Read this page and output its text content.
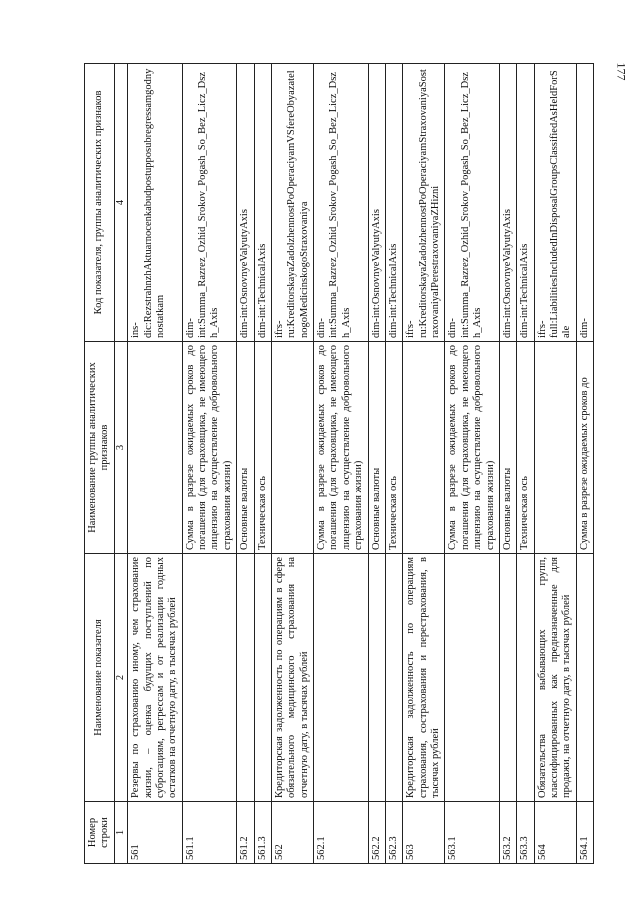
177
Номер строки	Наименование показателя	Наименование группы аналитических признаков	Код показателя, группы аналитических признаков
1	2	3	4
561	Резервы по страхованию иному, чем страхование жизни, – оценка будущих поступлений по суброгациям, регрессам и от реализации годных остатков на отчетную дату, в тысячах рублей		ins-dic:RezstrahnzhAktuarnocenkabudpostupposubregressamgodnynostatkam
561.1		Сумма в разрезе ожидаемых сроков до погашения (для страховщика, не имеющего лицензию на осуществление добровольного страхования жизни)	dim-int:Summa_Razrez_Ozhid_Srokov_Pogash_So_Bez_Licz_Dszh_Axis
561.2		Основные валюты	dim-int:OsnovnyeValyutyAxis
561.3		Техническая ось	dim-int:TechnicalAxis
562	Кредиторская задолженность по операциям в сфере обязательного медицинского страхования на отчетную дату, в тысячах рублей		ifrs-ru:KreditorskayaZadolzhennostPoOperaciyamVSfereObyazatelnogoMedicinskogoStraxovaniya
562.1		Сумма в разрезе ожидаемых сроков до погашения (для страховщика, не имеющего лицензию на осуществление добровольного страхования жизни)	dim-int:Summa_Razrez_Ozhid_Srokov_Pogash_So_Bez_Licz_Dszh_Axis
562.2		Основные валюты	dim-int:OsnovnyeValyutyAxis
562.3		Техническая ось	dim-int:TechnicalAxis
563	Кредиторская задолженность по операциям страхования, сострахования и перестрахования, в тысячах рублей		ifrs-ru:KreditorskayaZadolzhennostPoOperaciyamStraxovaniyaSostraxovaniyaIPerestraxovaniyaZHizni
563.1		Сумма в разрезе ожидаемых сроков до погашения (для страховщика, не имеющего лицензию на осуществление добровольного страхования жизни)	dim-int:Summa_Razrez_Ozhid_Srokov_Pogash_So_Bez_Licz_Dszh_Axis
563.2		Основные валюты	dim-int:OsnovnyeValyutyAxis
563.3		Техническая ось	dim-int:TechnicalAxis
564	Обязательства выбывающих групп, классифицированных как предназначенные для продажи, на отчетную дату, в тысячах рублей		ifrs-full:LiabilitiesIncludedInDisposalGroupsClassifiedAsHeldForSale
564.1		Сумма в разрезе ожидаемых сроков до	dim-
